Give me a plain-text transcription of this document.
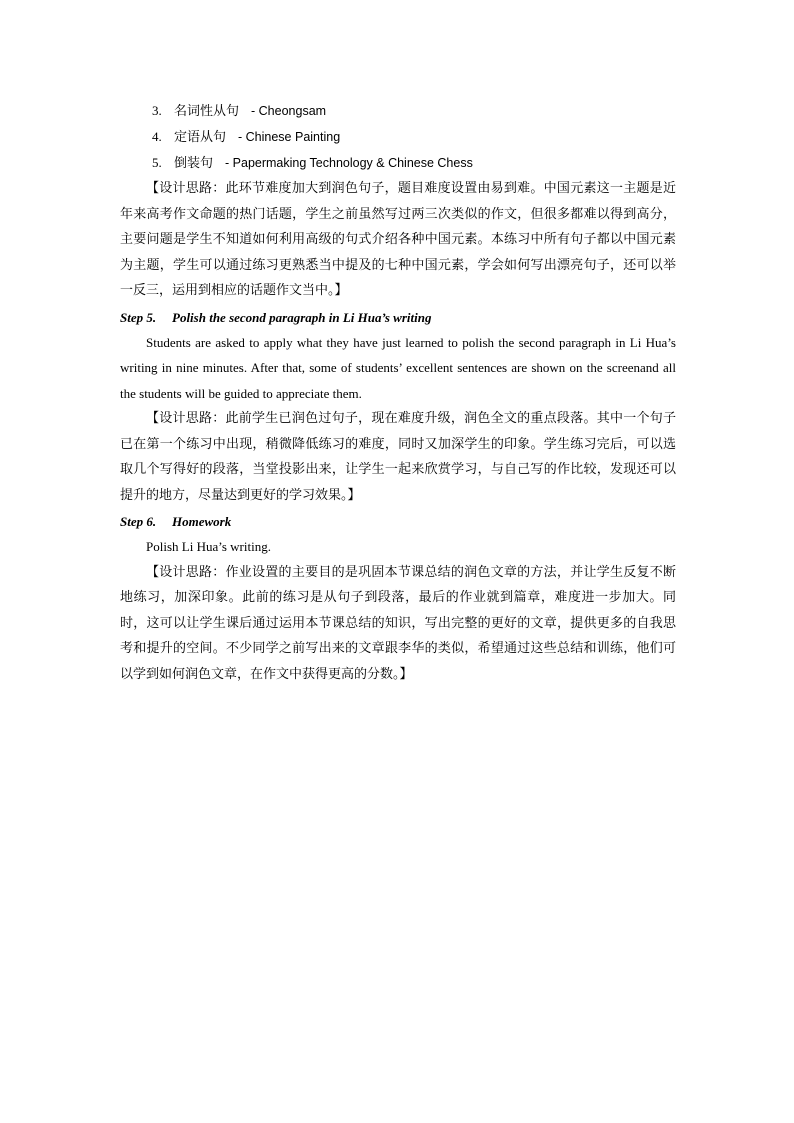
3. 名词性从句 - Cheongsam
4. 定语从句 - Chinese Painting
5. 倒装句 - Papermaking Technology & Chinese Chess

【设计思路：此环节难度加大到润色句子，题目难度设置由易到难。中国元素这一主题是近年来高考作文命题的热门话题，学生之前虽然写过两三次类似的作文，但很多都难以得到高分，主要问题是学生不知道如何利用高级的句式介绍各种中国元素。本练习中所有句子都以中国元素为主题，学生可以通过练习更熟悉当中提及的七种中国元素，学会如何写出漂亮句子，还可以举一反三，运用到相应的话题作文当中。】

Step 5. Polish the second paragraph in Li Hua’s writing

Students are asked to apply what they have just learned to polish the second paragraph in Li Hua’s writing in nine minutes. After that, some of students’ excellent sentences are shown on the screenand all the students will be guided to appreciate them.

【设计思路：此前学生已润色过句子，现在难度升级，润色全文的重点段落。其中一个句子已在第一个练习中出现，稍微降低练习的难度，同时又加深学生的印象。学生练习完后，可以选取几个写得好的段落，当堂投影出来，让学生一起来欣赏学习，与自己写的作比较，发现还可以提升的地方，尽量达到更好的学习效果。】

Step 6. Homework

Polish Li Hua’s writing.

【设计思路：作业设置的主要目的是巩固本节课总结的润色文章的方法，并让学生反复不断地练习，加深印象。此前的练习是从句子到段落，最后的作业就到篇章，难度进一步加大。同时，这可以让学生课后通过运用本节课总结的知识，写出完整的更好的文章，提供更多的自我思考和提升的空间。不少同学之前写出来的文章跟李华的类似，希望通过这些总结和训练，他们可以学到如何润色文章，在作文中获得更高的分数。】
